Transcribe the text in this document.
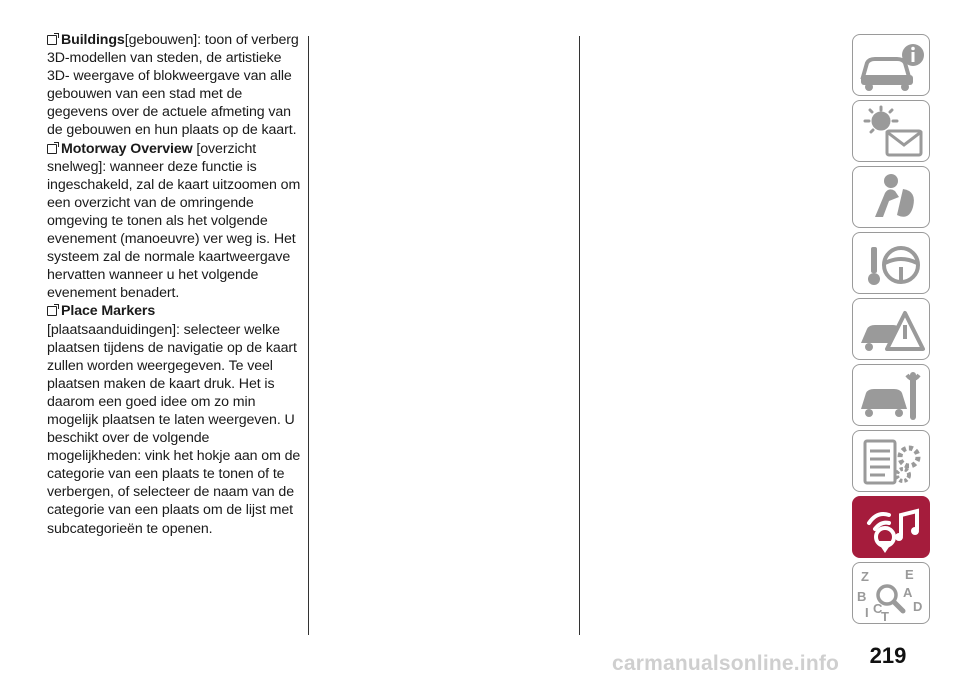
Buildings[gebouwen]: toon of verberg 3D-modellen van steden, de artistieke 3D- weergave of blokweergave van alle gebouwen van een stad met de gegevens over de actuele afmeting van de gebouwen en hun plaats op de kaart.

Motorway Overview [overzicht snelweg]: wanneer deze functie is ingeschakeld, zal de kaart uitzoomen om een overzicht van de omringende omgeving te tonen als het volgende evenement (manoeuvre) ver weg is. Het systeem zal de normale kaartweergave hervatten wanneer u het volgende evenement benadert.

Place Markers
[plaatsaanduidingen]: selecteer welke plaatsen tijdens de navigatie op de kaart zullen worden weergegeven. Te veel plaatsen maken de kaart druk. Het is daarom een goed idee om zo min mogelijk plaatsen te laten weergeven. U beschikt over de volgende mogelijkheden: vink het hokje aan om de categorie van een plaats te tonen of te verbergen, of selecteer de naam van de categorie van een plaats om de lijst met subcategorieën te openen.

Z	E
B	A
C D
T
I
219
carmanualsonline.info
